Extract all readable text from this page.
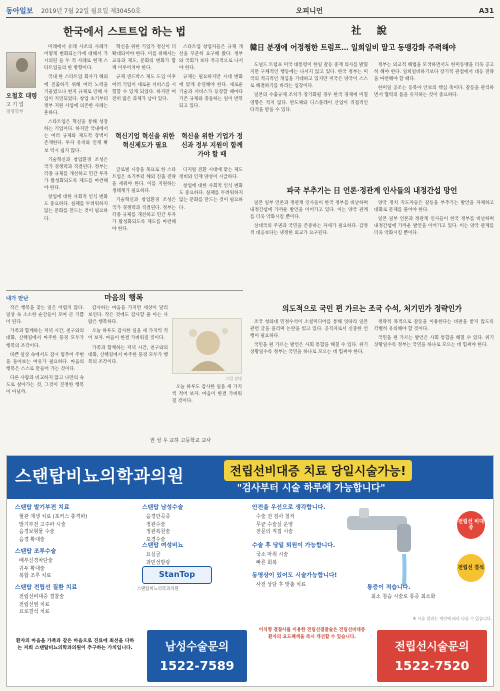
동아일보 2019년 7월 22일 월요일 제30450호	오피니언	A31
한국에서 스트트업 하는 법
오철호 대령
고 기 업
경영학부

미래에서 유래 사조의 사례가 어떻게 변화되는가에 대해서 가 시의된 들 두 적 사례로 현재 스타트업들의 한 방향이다.

국내 한 스타트업 회사가 해외에 진출하기 위해 여러 노력을 기울였으나 현지 규제로 인해 사업이 지연되었다. 창업 초기부터 정부 지원 사업에 의존한 사례는 흔하다.

스타트업은 혁신을 통해 성장하는 기업이다. 하지만 국내에서는 여러 규제와 제도적 장벽이 존재한다. 투자 유치와 인재 확보 역시 쉽지 않다.

기술혁신과 창업환경 조성은 국가 경쟁력과 직결된다. 정부는 각종 규제를 개선하고 민간 투자가 활성화되도록 제도를 마련해야 한다.

창업에 대한 사회적 인식 변화도 중요하다. 실패를 두려워하지 않는 문화를 만드는 것이 필요하다.

혁신을 위한 기업가 정신이 더 확대되어야 한다. 이를 위해서는 교육과 제도, 문화의 변화가 함께 이루어져야 한다.

규제 샌드박스 제도 도입 이후 여러 기업이 새로운 서비스를 시험할 수 있게 되었다. 하지만 여전히 많은 과제가 남아 있다.

스타트업 창업자들은 규제 개선을 꾸준히 요구해 왔다. 정부와 국회가 보다 적극적으로 나서야 한다.

규제는 필요하지만 시대 변화에 맞게 유연해야 한다. 새로운 기술과 서비스가 등장할 때마다 기존 규제와 충돌하는 일이 반복되고 있다.

혁신기업 혁신을 위한 혁신제도가 필요
혁신을 위한 기업가 정신과 정부 지원이 함께 가야 할 때

글로벌 시장을 목표로 한 스타트업은 초기부터 해외 진출 전략을 세워야 한다. 이를 지원하는 생태계가 필요하다.

기술혁신과 창업환경 조성은 국가 경쟁력과 직결된다. 정부는 각종 규제를 개선하고 민간 투자가 활성화되도록 제도를 마련해야 한다.

디지털 전환 시대에 맞는 제도 정비와 인재 양성이 시급하다.

창업에 대한 사회적 인식 변화도 중요하다. 실패를 두려워하지 않는 문화를 만드는 것이 필요하다.

내가 만난	마음의 행복

작은 행복을 찾는 일은 어렵지 않다. 일상 속 소소한 순간들이 모여 큰 기쁨이 된다.

가족과 함께하는 저녁 시간, 친구와의 대화, 산책길에서 마주한 풍경 모두가 행복의 조각이다.

바쁜 일상 속에서도 잠시 멈추어 주변을 돌아보는 여유가 필요하다. 마음의 행복은 스스로 만들어 가는 것이다.

다른 사람과 비교하지 않고 나만의 속도로 살아가는 것, 그것이 진정한 행복이 아닐까.

감사하는 마음을 가지면 세상이 달리 보인다. 작은 것에도 감사할 줄 아는 사람은 행복하다.

오늘 하루도 감사한 일을 세 가지씩 적어 보자. 마음이 한결 가벼워질 것이다.

가족과 함께하는 저녁 시간, 친구와의 대화, 산책길에서 마주한 풍경 모두가 행복의 조각이다.

그림 설명

오늘 하루도 감사한 일을 세 가지씩 적어 보자. 마음이 한결 가벼워질 것이다.

권 성 우 교하 고등학교 교사
社 說
韓日 분쟁에 어정쩡한 트럼프… 일희일비 말고 동맹강화 주력해야

도널드 트럼프 미국 대통령이 한일 갈등 중재 의사를 밝혔지만 구체적인 행동에는 나서지 않고 있다. 한국 정부는 미국의 적극적인 개입을 기대하고 있지만 미국은 양국이 스스로 해결하기를 바라는 입장이다.

일본의 수출규제 조치가 장기화될 경우 한국 경제에 미칠 영향은 적지 않다. 반도체와 디스플레이 산업이 직접적인 타격을 받을 수 있다.

정부는 외교적 해법을 모색하면서도 한미동맹을 더욱 공고히 해야 한다. 일희일비하기보다 장기적 관점에서 대응 전략을 마련해야 할 때다.

한미일 공조는 동북아 안보의 핵심 축이다. 갈등을 관리하면서 협력의 틀을 유지하는 것이 중요하다.

파국 부추기는 日 언론·정관계 인사들의 내정간섭 망언

일본 일부 언론과 정관계 인사들이 한국 정부를 비난하며 내정간섭에 가까운 발언을 이어가고 있다. 이는 양국 관계를 더욱 악화시킬 뿐이다.

상대국의 주권과 국민을 존중하는 자세가 필요하다. 감정적 대응보다는 냉정한 외교가 요구된다.

양국 정치 지도자들은 갈등을 부추기는 발언을 자제하고 대화로 문제를 풀어야 한다.

일본 일부 언론과 정관계 인사들이 한국 정부를 비난하며 내정간섭에 가까운 발언을 이어가고 있다. 이는 양국 관계를 더욱 악화시킬 뿐이다.

의도적으로 국민 편 가르는 조국 수석, 처기민가 정략인가

조국 청와대 민정수석이 소셜미디어를 통해 잇따라 일본 관련 글을 올리며 논란을 빚고 있다. 공직자로서 신중한 언행이 필요하다.

국민을 편 가르는 발언은 사회 통합을 해칠 수 있다. 위기 상황일수록 정부는 국민을 하나로 모으는 데 힘써야 한다.

정략적 목적으로 갈등을 이용한다는 비판을 받지 않도록 각별히 유의해야 할 것이다.

국민을 편 가르는 발언은 사회 통합을 해칠 수 있다. 위기 상황일수록 정부는 국민을 하나로 모으는 데 힘써야 한다.

스탠탑비뇨의학과의원	전립선비대증 치료 당일시술가능!
"검사부터 시술 하루에 가능합니다"
스탠탑 발기부전 치료
혈관 재생 치료 (포커스 충격파)
발기부전 고주파 시술
음경보형물 수술
음경 확대술
스탠탑 조루수술
배부신경차단술
귀두 확대술
복합 조루 치료
스탠탑 전립선 질환 치료
전립선비대증 결찰술
전립선염 치료
요로결석 치료
스탠탑 남성수술
음경만곡증
정관수술
정관복원술
포경수술
스탠탑 여성비뇨
요실금
과민성방광
StanTop
스탠탑비뇨의학과의원
안전을 우선으로 생각합니다.
수술 전 검사 철저
무균 수술실 운영
전문의 직접 시술
수술 후 당일 퇴원이 가능합니다.
국소 마취 시술
빠른 회복
동영상이 있어도 시술가능합니다!
사전 상담 후 맞춤 치료
전립선 비대증
전립선 결석
통증이 적습니다.
최소 침습 시술로 통증 최소화
※ 시술 결과는 개인에 따라 다를 수 있습니다.
환자의 마음을 가족과 같은 마음으로 진료에 최선을 다하는 저희 스탠탑비뇨의학과의원이 추구하는 가치입니다.	남성수술문의
1522-7589
이식형 결찰사를 이용한 전립선결찰술은 전립선비대증 환자의 요도폐색을 즉시 개선할 수 있습니다.
전립선시술문의
1522-7520
